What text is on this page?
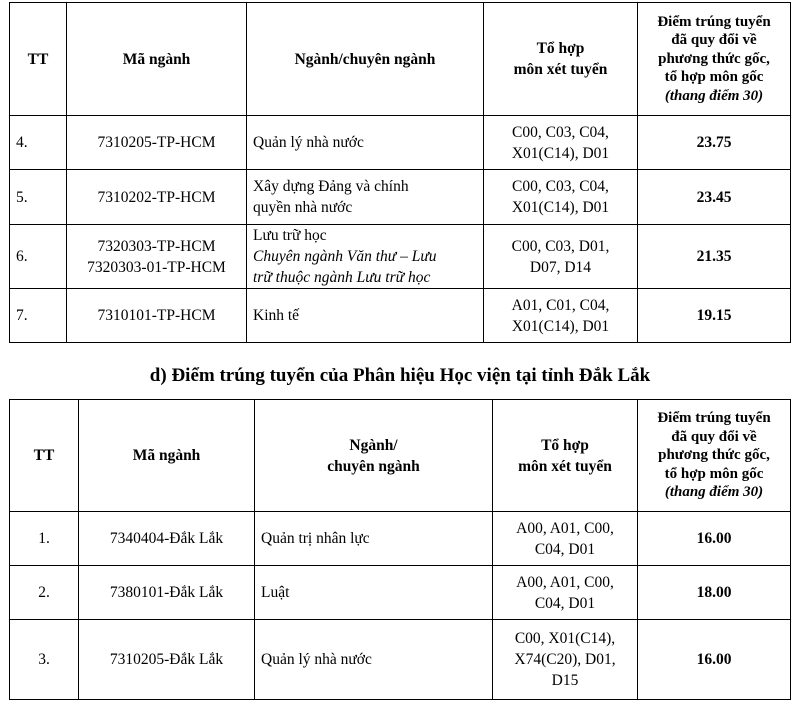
TT	Mã ngành	Ngành/chuyên ngành	Tổ hợp
môn xét tuyển	Điểm trúng tuyển
đã quy đổi về
phương thức gốc,
tổ hợp môn gốc
(thang điểm 30)

4.	7310205-TP-HCM	Quản lý nhà nước	C00, C03, C04,
X01(C14), D01	23.75
5.	7310202-TP-HCM	Xây dựng Đảng và chính
quyền nhà nước	C00, C03, C04,
X01(C14), D01	23.45
6.	7320303-TP-HCM
7320303-01-TP-HCM	Lưu trữ học
Chuyên ngành Văn thư – Lưu
trữ thuộc ngành Lưu trữ học	C00, C03, D01,
D07, D14	21.35
7.	7310101-TP-HCM	Kinh tế	A01, C01, C04,
X01(C14), D01	19.15
d) Điểm trúng tuyển của Phân hiệu Học viện tại tỉnh Đắk Lắk
TT	Mã ngành	Ngành/
chuyên ngành	Tổ hợp
môn xét tuyển	Điểm trúng tuyển
đã quy đổi về
phương thức gốc,
tổ hợp môn gốc
(thang điểm 30)

1.	7340404-Đắk Lắk	Quản trị nhân lực	A00, A01, C00,
C04, D01	16.00
2.	7380101-Đắk Lắk	Luật	A00, A01, C00,
C04, D01	18.00
3.	7310205-Đắk Lắk	Quản lý nhà nước	C00, X01(C14),
X74(C20), D01,
D15	16.00
